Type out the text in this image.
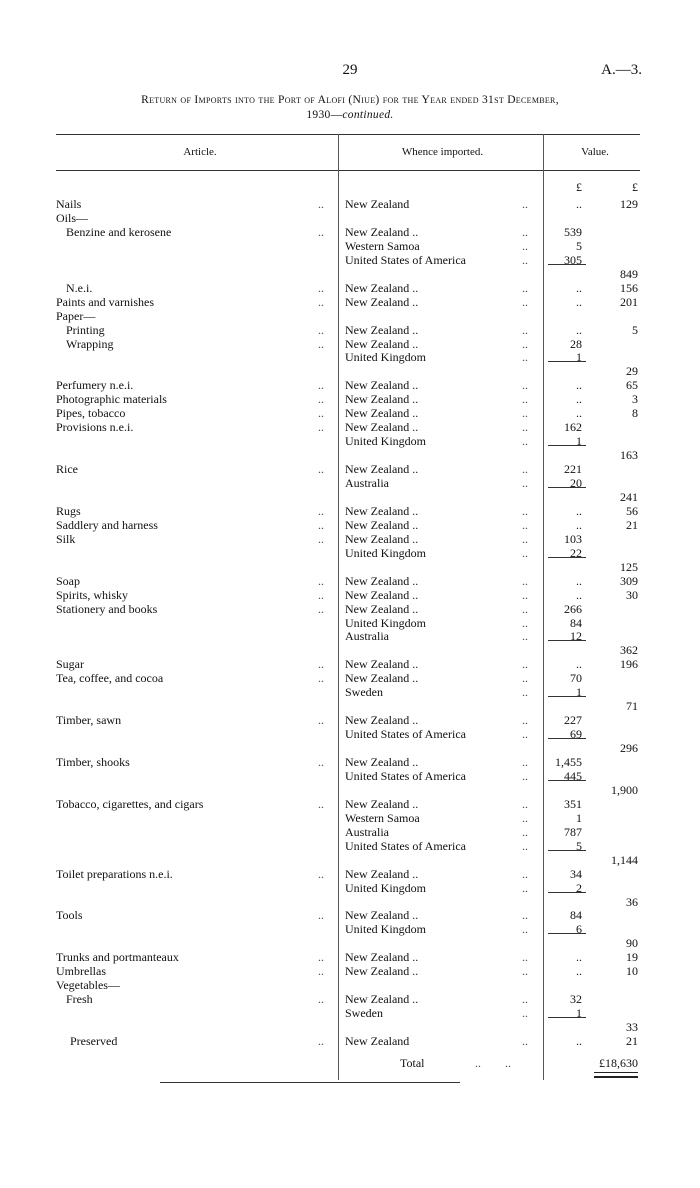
29	A.—3.
Return of Imports into the Port of Alofi (Niue) for the Year ended 31st December,
1930—continued.
Article.	Whence imported.	Value.
£	£
Nails	.. New Zealand	..	..	129
Oils—
Benzine and kerosene	.. New Zealand ..	..	539
Western Samoa	..	5
United States of America	..	305
849
N.e.i.	.. New Zealand ..	..	..	156
Paints and varnishes	.. New Zealand ..	..	..	201
Paper—
Printing	.. New Zealand ..	..	..	5
Wrapping	.. New Zealand ..	..	28
United Kingdom	..	1
29
Perfumery n.e.i.	.. New Zealand ..	..	..	65
Photographic materials	.. New Zealand ..	..	..	3
Pipes, tobacco	.. New Zealand ..	..	..	8
Provisions n.e.i.	.. New Zealand ..	..	162
United Kingdom	..	1
163
Rice	.. New Zealand ..	..	221
Australia	..	20
241
Rugs	.. New Zealand ..	..	..	56
Saddlery and harness	.. New Zealand ..	..	..	21
Silk	.. New Zealand ..	..	103
United Kingdom	..	22
125
Soap	.. New Zealand ..	..	..	309
Spirits, whisky	.. New Zealand ..	..	..	30
Stationery and books	.. New Zealand ..	..	266
United Kingdom	..	84
Australia	..	12
362
Sugar	.. New Zealand ..	..	..	196
Tea, coffee, and cocoa	.. New Zealand ..	..	70
Sweden	..	1
71
Timber, sawn	.. New Zealand ..	..	227
United States of America	..	69
296
Timber, shooks	.. New Zealand ..	.. 1,455
United States of America	..	445
1,900
Tobacco, cigarettes, and cigars	.. New Zealand ..	..	351
Western Samoa	..	1
Australia	..	787
United States of America	..	5
1,144
Toilet preparations n.e.i.	.. New Zealand ..	..	34
United Kingdom	..	2
36
Tools	.. New Zealand ..	..	84
United Kingdom	..	6
90
Trunks and portmanteaux	.. New Zealand ..	..	..	19
Umbrellas	.. New Zealand ..	..	..	10
Vegetables—
Fresh	.. New Zealand ..	..	32
Sweden	..	1
33
Preserved	.. New Zealand	..	..	21
Total	..        ..	£18,630
